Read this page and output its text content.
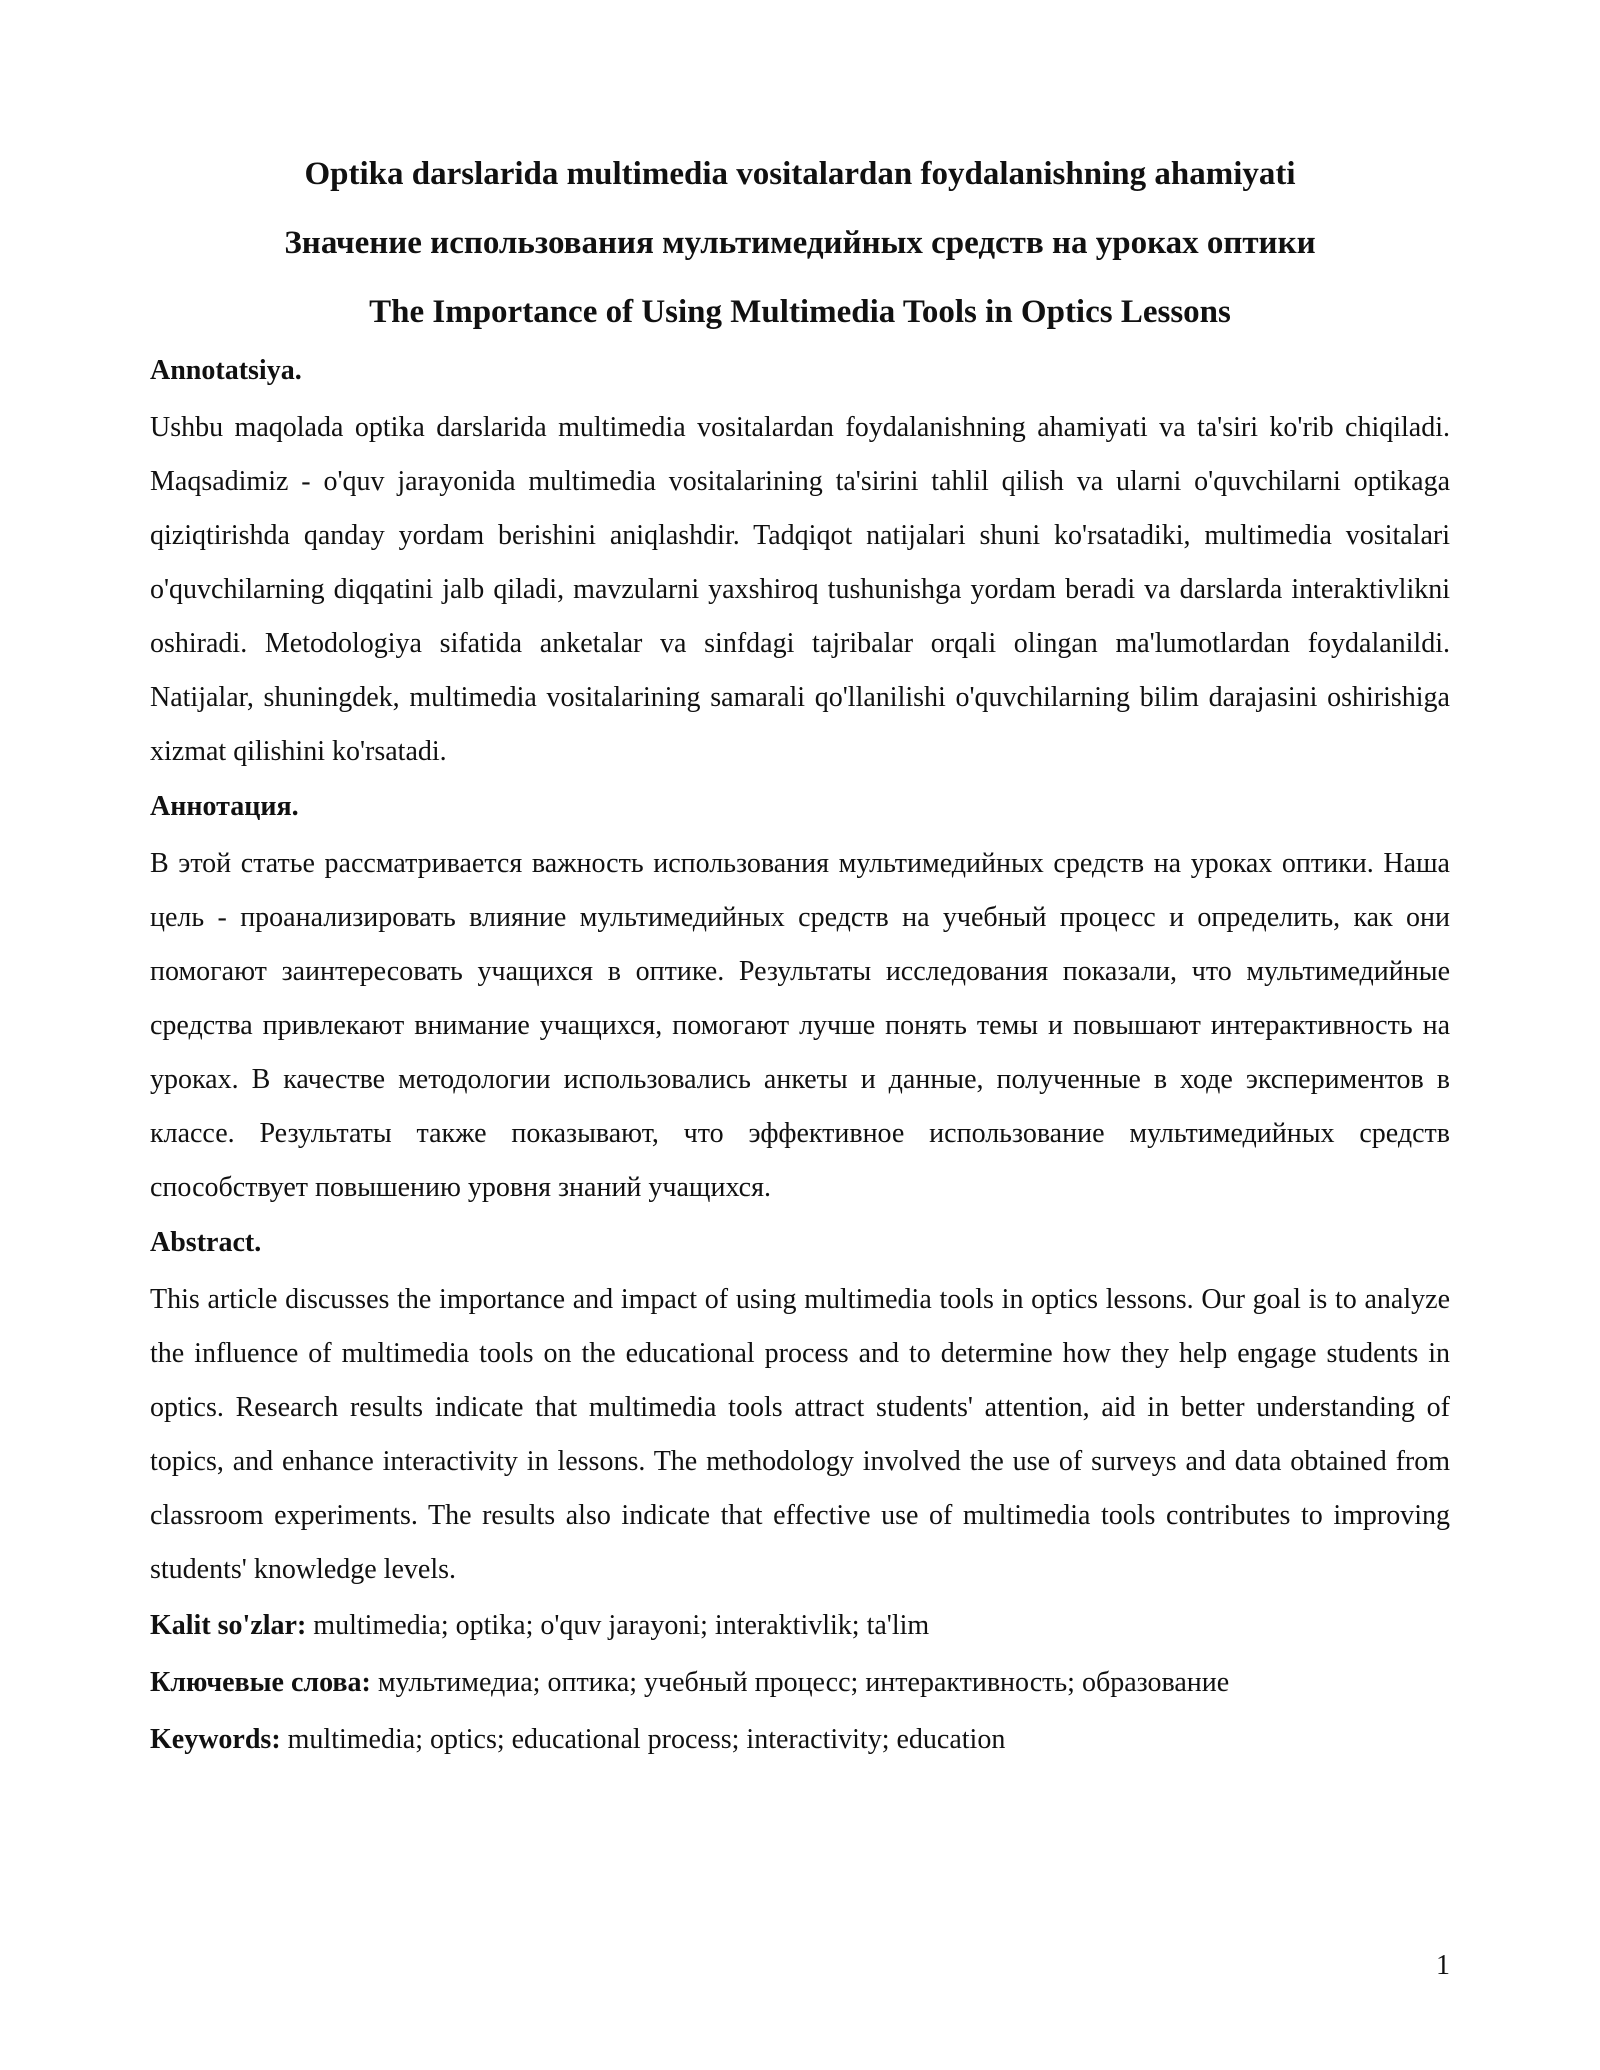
Optika darslarida multimedia vositalardan foydalanishning ahamiyati
Значение использования мультимедийных средств на уроках оптики
The Importance of Using Multimedia Tools in Optics Lessons
Annotatsiya.

Ushbu maqolada optika darslarida multimedia vositalardan foydalanishning ahamiyati va ta'siri ko'rib chiqiladi. Maqsadimiz - o'quv jarayonida multimedia vositalarining ta'sirini tahlil qilish va ularni o'quvchilarni optikaga qiziqtirishda qanday yordam berishini aniqlashdir. Tadqiqot natijalari shuni ko'rsatadiki, multimedia vositalari o'quvchilarning diqqatini jalb qiladi, mavzularni yaxshiroq tushunishga yordam beradi va darslarda interaktivlikni oshiradi. Metodologiya sifatida anketalar va sinfdagi tajribalar orqali olingan ma'lumotlardan foydalanildi. Natijalar, shuningdek, multimedia vositalarining samarali qo'llanilishi o'quvchilarning bilim darajasini oshirishiga xizmat qilishini ko'rsatadi.

Аннотация.

В этой статье рассматривается важность использования мультимедийных средств на уроках оптики. Наша цель - проанализировать влияние мультимедийных средств на учебный процесс и определить, как они помогают заинтересовать учащихся в оптике. Результаты исследования показали, что мультимедийные средства привлекают внимание учащихся, помогают лучше понять темы и повышают интерактивность на уроках. В качестве методологии использовались анкеты и данные, полученные в ходе экспериментов в классе. Результаты также показывают, что эффективное использование мультимедийных средств способствует повышению уровня знаний учащихся.

Abstract.

This article discusses the importance and impact of using multimedia tools in optics lessons. Our goal is to analyze the influence of multimedia tools on the educational process and to determine how they help engage students in optics. Research results indicate that multimedia tools attract students' attention, aid in better understanding of topics, and enhance interactivity in lessons. The methodology involved the use of surveys and data obtained from classroom experiments. The results also indicate that effective use of multimedia tools contributes to improving students' knowledge levels.

Kalit so'zlar: multimedia; optika; o'quv jarayoni; interaktivlik; ta'lim
Ключевые слова: мультимедиа; оптика; учебный процесс; интерактивность; образование
Keywords: multimedia; optics; educational process; interactivity; education
1
